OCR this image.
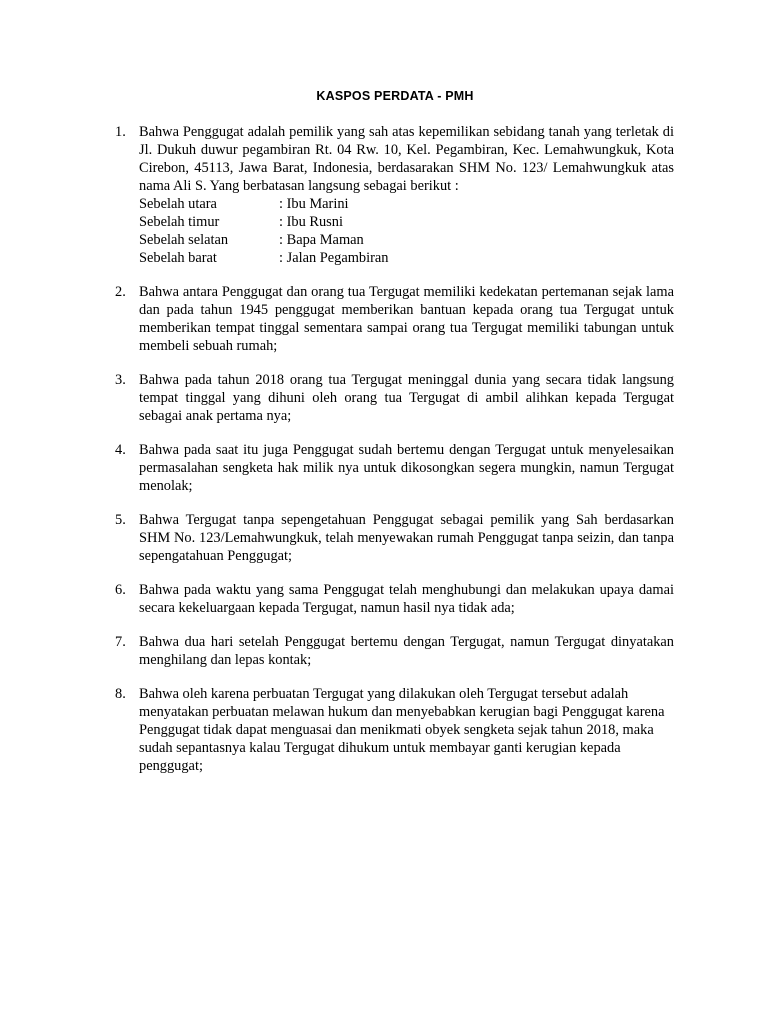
KASPOS PERDATA - PMH
1. Bahwa Penggugat adalah pemilik yang sah atas kepemilikan sebidang tanah yang terletak di Jl. Dukuh duwur pegambiran Rt. 04 Rw. 10, Kel. Pegambiran, Kec. Lemahwungkuk, Kota Cirebon, 45113, Jawa Barat, Indonesia, berdasarakan SHM No. 123/ Lemahwungkuk atas nama Ali S. Yang berbatasan langsung sebagai berikut :
Sebelah utara	: Ibu Marini
Sebelah timur	: Ibu Rusni
Sebelah selatan	: Bapa Maman
Sebelah barat	: Jalan Pegambiran
2. Bahwa antara Penggugat dan orang tua Tergugat memiliki kedekatan pertemanan sejak lama dan pada tahun 1945 penggugat memberikan bantuan kepada orang tua Tergugat untuk memberikan tempat tinggal sementara sampai orang tua Tergugat memiliki tabungan untuk membeli sebuah rumah;
3. Bahwa pada tahun 2018 orang tua Tergugat meninggal dunia yang secara tidak langsung tempat tinggal yang dihuni oleh orang tua Tergugat di ambil alihkan kepada Tergugat sebagai anak pertama nya;
4. Bahwa pada saat itu juga Penggugat sudah bertemu dengan Tergugat untuk menyelesaikan permasalahan sengketa hak milik nya untuk dikosongkan segera mungkin, namun Tergugat menolak;
5. Bahwa Tergugat tanpa sepengetahuan Penggugat sebagai pemilik yang Sah berdasarkan SHM No. 123/Lemahwungkuk, telah menyewakan rumah Penggugat tanpa seizin, dan tanpa sepengatahuan Penggugat;
6. Bahwa pada waktu yang sama Penggugat telah menghubungi dan melakukan upaya damai secara kekeluargaan kepada Tergugat, namun hasil nya tidak ada;
7. Bahwa dua hari setelah Penggugat bertemu dengan Tergugat, namun Tergugat dinyatakan menghilang dan lepas kontak;
8. Bahwa oleh karena perbuatan Tergugat yang dilakukan oleh Tergugat tersebut adalah menyatakan perbuatan melawan hukum dan menyebabkan kerugian bagi Penggugat karena Penggugat tidak dapat menguasai dan menikmati obyek sengketa sejak tahun 2018, maka sudah sepantasnya kalau Tergugat dihukum untuk membayar ganti kerugian kepada penggugat;
